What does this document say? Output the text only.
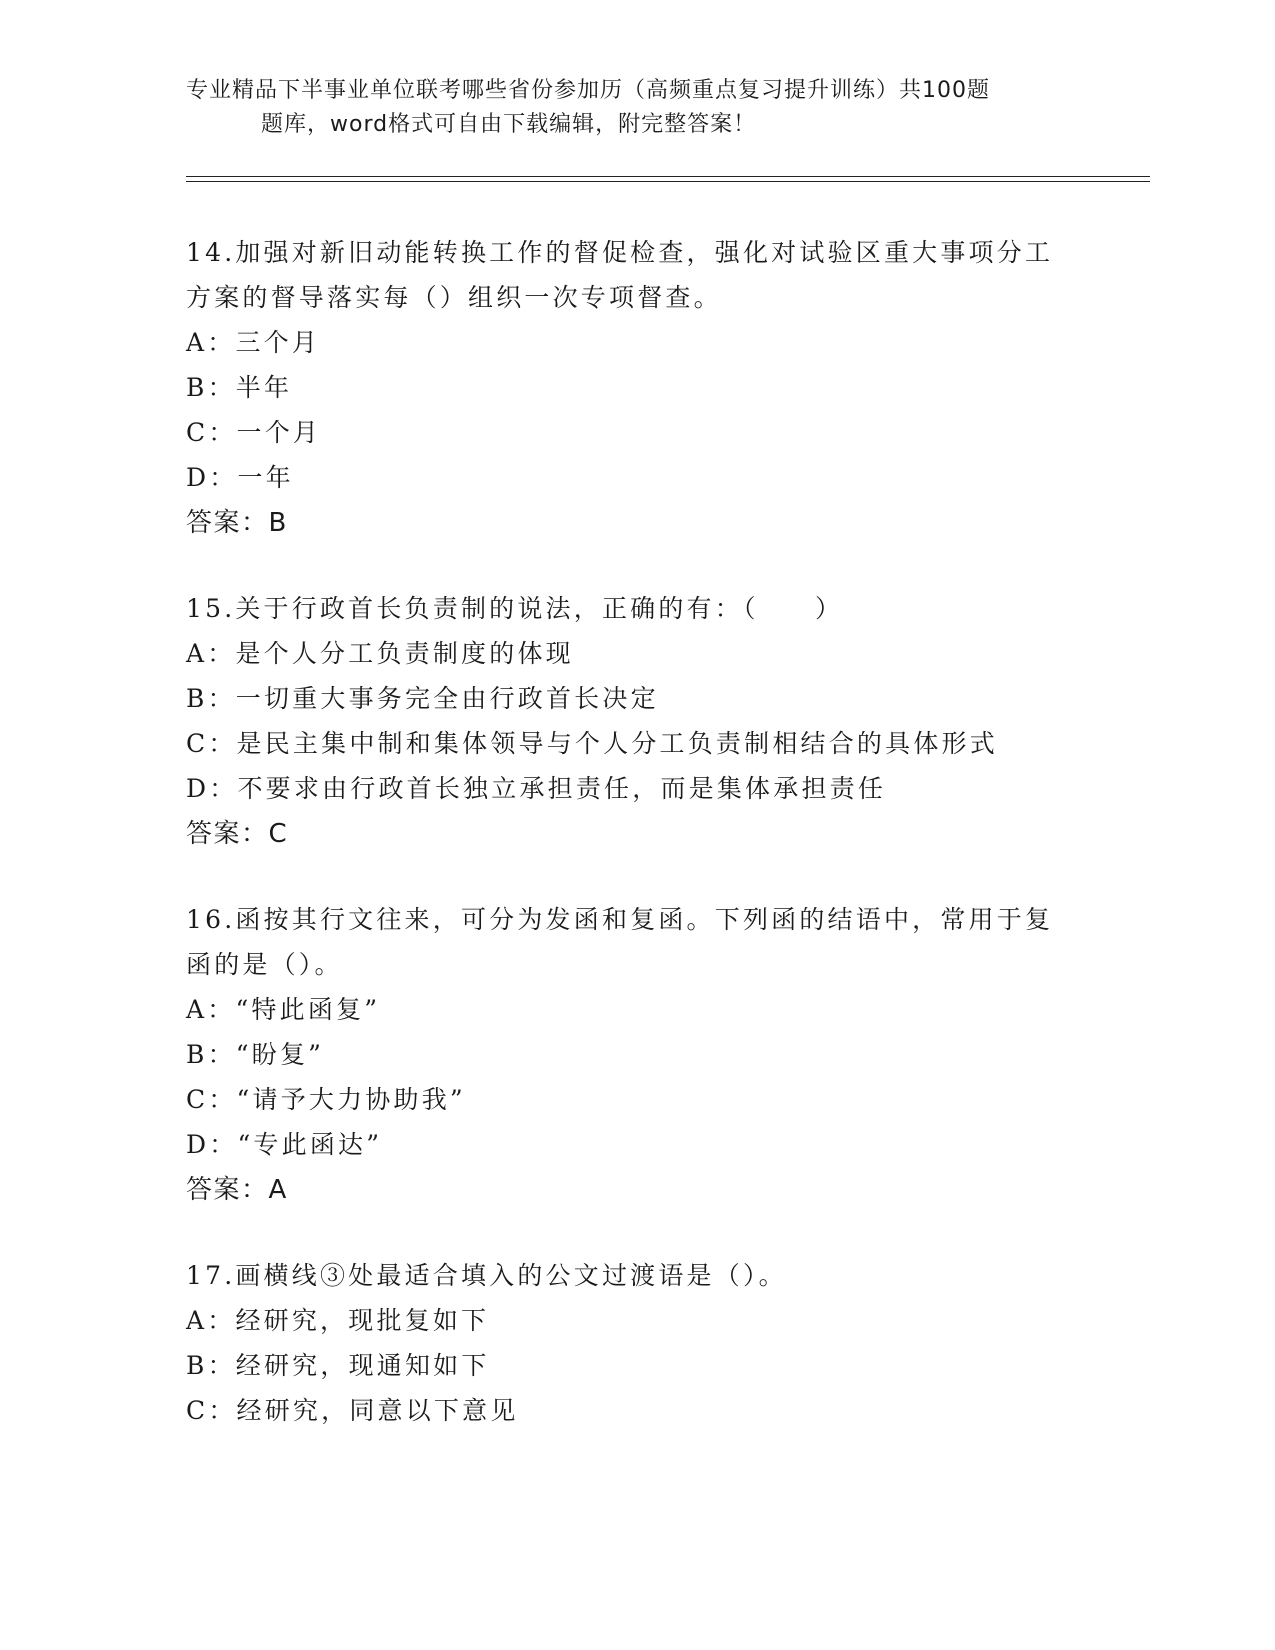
专业精品下半事业单位联考哪些省份参加历（高频重点复习提升训练）共100题
题库，word格式可自由下载编辑，附完整答案！
14.加强对新旧动能转换工作的督促检查，强化对试验区重大事项分工
方案的督导落实每（）组织一次专项督查。
A：三个月
B：半年
C：一个月
D：一年
答案：B
15.关于行政首长负责制的说法，正确的有：（　　）
A：是个人分工负责制度的体现
B：一切重大事务完全由行政首长决定
C：是民主集中制和集体领导与个人分工负责制相结合的具体形式
D：不要求由行政首长独立承担责任，而是集体承担责任
答案：C
16.函按其行文往来，可分为发函和复函。下列函的结语中，常用于复
函的是（）。
A：“特此函复”
B：“盼复”
C：“请予大力协助我”
D：“专此函达”
答案：A
17.画横线③处最适合填入的公文过渡语是（）。
A：经研究，现批复如下
B：经研究，现通知如下
C：经研究，同意以下意见
